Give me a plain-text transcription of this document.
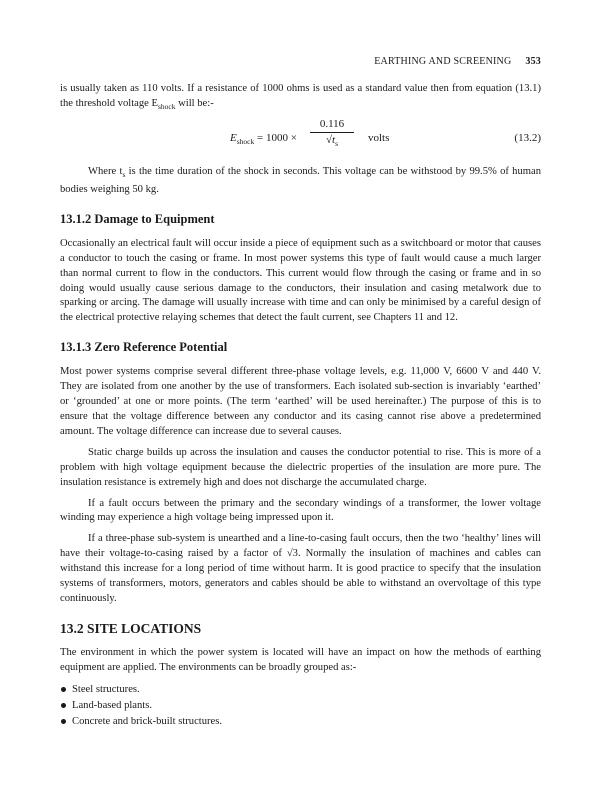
EARTHING AND SCREENING 353

is usually taken as 110 volts. If a resistance of 1000 ohms is used as a standard value then from equation (13.1) the threshold voltage $E_{shock}$ will be:-

$E_{shock} = 1000 \times \frac{0.116}{√t_s}$ volts	(13.2)

Where $t_s$ is the time duration of the shock in seconds. This voltage can be withstood by 99.5% of human bodies weighing 50 kg.

13.1.2 Damage to Equipment

Occasionally an electrical fault will occur inside a piece of equipment such as a switchboard or motor that causes a conductor to touch the casing or frame. In most power systems this type of fault would cause a much larger than normal current to flow in the conductors. This current would flow through the casing or frame and in so doing would usually cause serious damage to the conductors, their insulation and casing metalwork due to sparking or arcing. The damage will usually increase with time and can only be minimised by a careful design of the electrical protective relaying schemes that detect the fault current, see Chapters 11 and 12.

13.1.3 Zero Reference Potential

Most power systems comprise several different three-phase voltage levels, e.g. 11,000 V, 6600 V and 440 V. They are isolated from one another by the use of transformers. Each isolated sub-section is invariably ‘earthed’ or ‘grounded’ at one or more points. (The term ‘earthed’ will be used hereinafter.) The purpose of this is to ensure that the voltage difference between any conductor and its casing cannot rise above a predetermined amount. The voltage difference can increase due to several causes.

Static charge builds up across the insulation and causes the conductor potential to rise. This is more of a problem with high voltage equipment because the dielectric properties of the insulation are more pure. The insulation resistance is extremely high and does not discharge the accumulated charge.

If a fault occurs between the primary and the secondary windings of a transformer, the lower voltage winding may experience a high voltage being impressed upon it.

If a three-phase sub-system is unearthed and a line-to-casing fault occurs, then the two ‘healthy’ lines will have their voltage-to-casing raised by a factor of √3. Normally the insulation of machines and cables can withstand this increase for a long period of time without harm. It is good practice to specify that the insulation systems of transformers, motors, generators and cables should be able to withstand an overvoltage of this type continuously.

13.2 SITE LOCATIONS

The environment in which the power system is located will have an impact on how the methods of earthing equipment are applied. The environments can be broadly grouped as:-

Steel structures.
Land-based plants.
Concrete and brick-built structures.
